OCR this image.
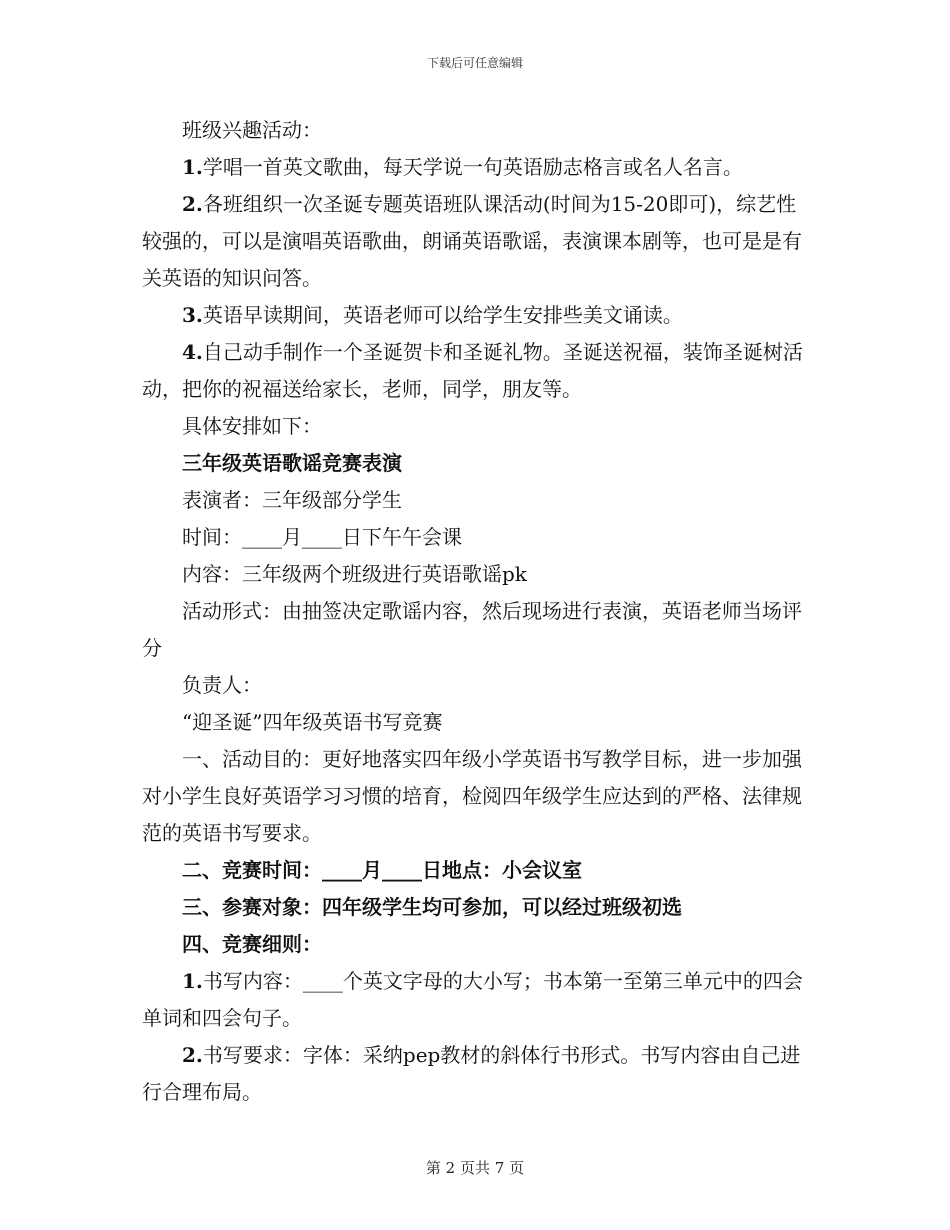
下载后可任意编辑

班级兴趣活动：

1.学唱一首英文歌曲，每天学说一句英语励志格言或名人名言。

2.各班组织一次圣诞专题英语班队课活动(时间为15-20即可)，综艺性较强的，可以是演唱英语歌曲，朗诵英语歌谣，表演课本剧等，也可是是有关英语的知识问答。

3.英语早读期间，英语老师可以给学生安排些美文诵读。

4.自己动手制作一个圣诞贺卡和圣诞礼物。圣诞送祝福，装饰圣诞树活动，把你的祝福送给家长，老师，同学，朋友等。

具体安排如下：

三年级英语歌谣竞赛表演

表演者：三年级部分学生

时间：____月____日下午午会课

内容：三年级两个班级进行英语歌谣pk

活动形式：由抽签决定歌谣内容，然后现场进行表演，英语老师当场评分

负责人：

“迎圣诞”四年级英语书写竞赛

一、活动目的：更好地落实四年级小学英语书写教学目标，进一步加强对小学生良好英语学习习惯的培育，检阅四年级学生应达到的严格、法律规范的英语书写要求。

二、竞赛时间：____月____日地点：小会议室

三、参赛对象：四年级学生均可参加，可以经过班级初选

四、竞赛细则：

1.书写内容：____个英文字母的大小写；书本第一至第三单元中的四会单词和四会句子。

2.书写要求：字体：采纳pep教材的斜体行书形式。书写内容由自己进行合理布局。

第 2 页共 7 页
